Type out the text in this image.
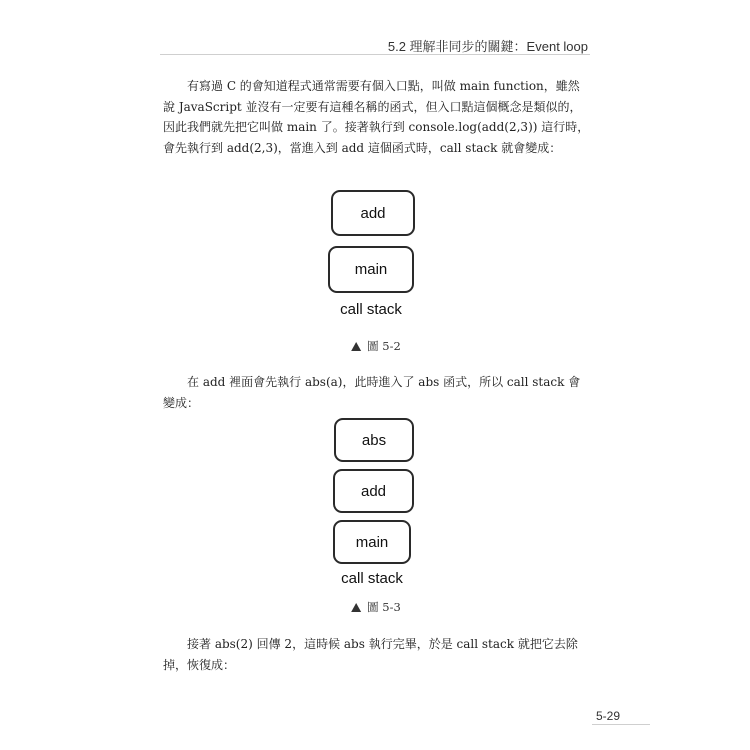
5.2 理解非同步的關鍵：Event loop

有寫過 C 的會知道程式通常需要有個入口點，叫做 main function，雖然說 JavaScript 並沒有一定要有這種名稱的函式，但入口點這個概念是類似的，因此我們就先把它叫做 main 了。接著執行到 console.log(add(2,3)) 這行時，會先執行到 add(2,3)，當進入到 add 這個函式時，call stack 就會變成：

add
main
call stack
圖 5-2

在 add 裡面會先執行 abs(a)，此時進入了 abs 函式，所以 call stack 會變成：

abs
add
main
call stack
圖 5-3

接著 abs(2) 回傳 2，這時候 abs 執行完畢，於是 call stack 就把它去除掉，恢復成：

5-29
